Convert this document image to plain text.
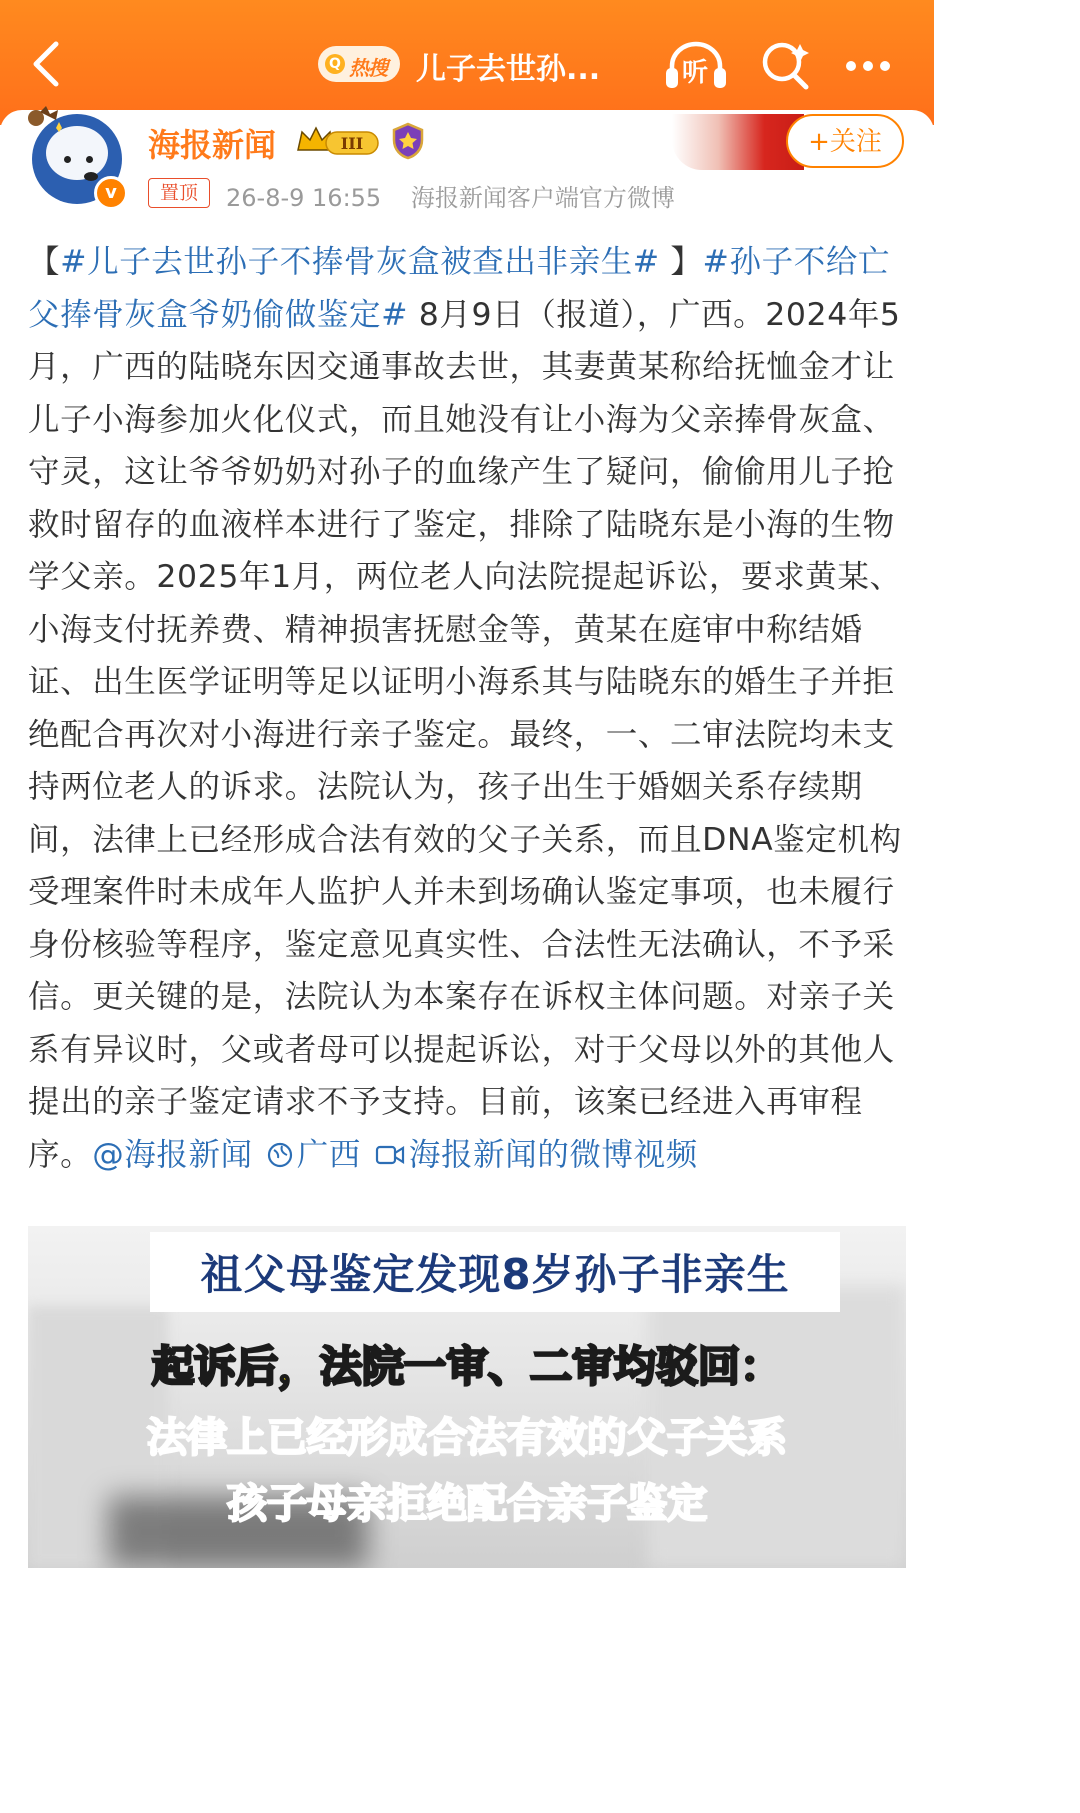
Q 热搜 儿子去世孙...	听
v
海报新闻	III	+关注
置顶	26-8-9 16:55 海报新闻客户端官方微博
【#儿子去世孙子不捧骨灰盒被查出非亲生# 】#孙子不给亡父捧骨灰盒爷奶偷做鉴定# 8月9日（报道），广西。2024年5月，广西的陆晓东因交通事故去世，其妻黄某称给抚恤金才让儿子小海参加火化仪式，而且她没有让小海为父亲捧骨灰盒、守灵，这让爷爷奶奶对孙子的血缘产生了疑问，偷偷用儿子抢救时留存的血液样本进行了鉴定，排除了陆晓东是小海的生物学父亲。2025年1月，两位老人向法院提起诉讼，要求黄某、小海支付抚养费、精神损害抚慰金等，黄某在庭审中称结婚证、出生医学证明等足以证明小海系其与陆晓东的婚生子并拒绝配合再次对小海进行亲子鉴定。最终，一、二审法院均未支持两位老人的诉求。法院认为，孩子出生于婚姻关系存续期间，法律上已经形成合法有效的父子关系，而且DNA鉴定机构受理案件时未成年人监护人并未到场确认鉴定事项，也未履行身份核验等程序，鉴定意见真实性、合法性无法确认，不予采信。更关键的是，法院认为本案存在诉权主体问题。对亲子关系有异议时，父或者母可以提起诉讼，对于父母以外的其他人提出的亲子鉴定请求不予支持。目前，该案已经进入再审程序。@海报新闻 广西 海报新闻的微博视频
祖父母鉴定发现8岁孙子非亲生
起诉后，法院一审、二审均驳回：
法律上已经形成合法有效的父子关系
孩子母亲拒绝配合亲子鉴定
